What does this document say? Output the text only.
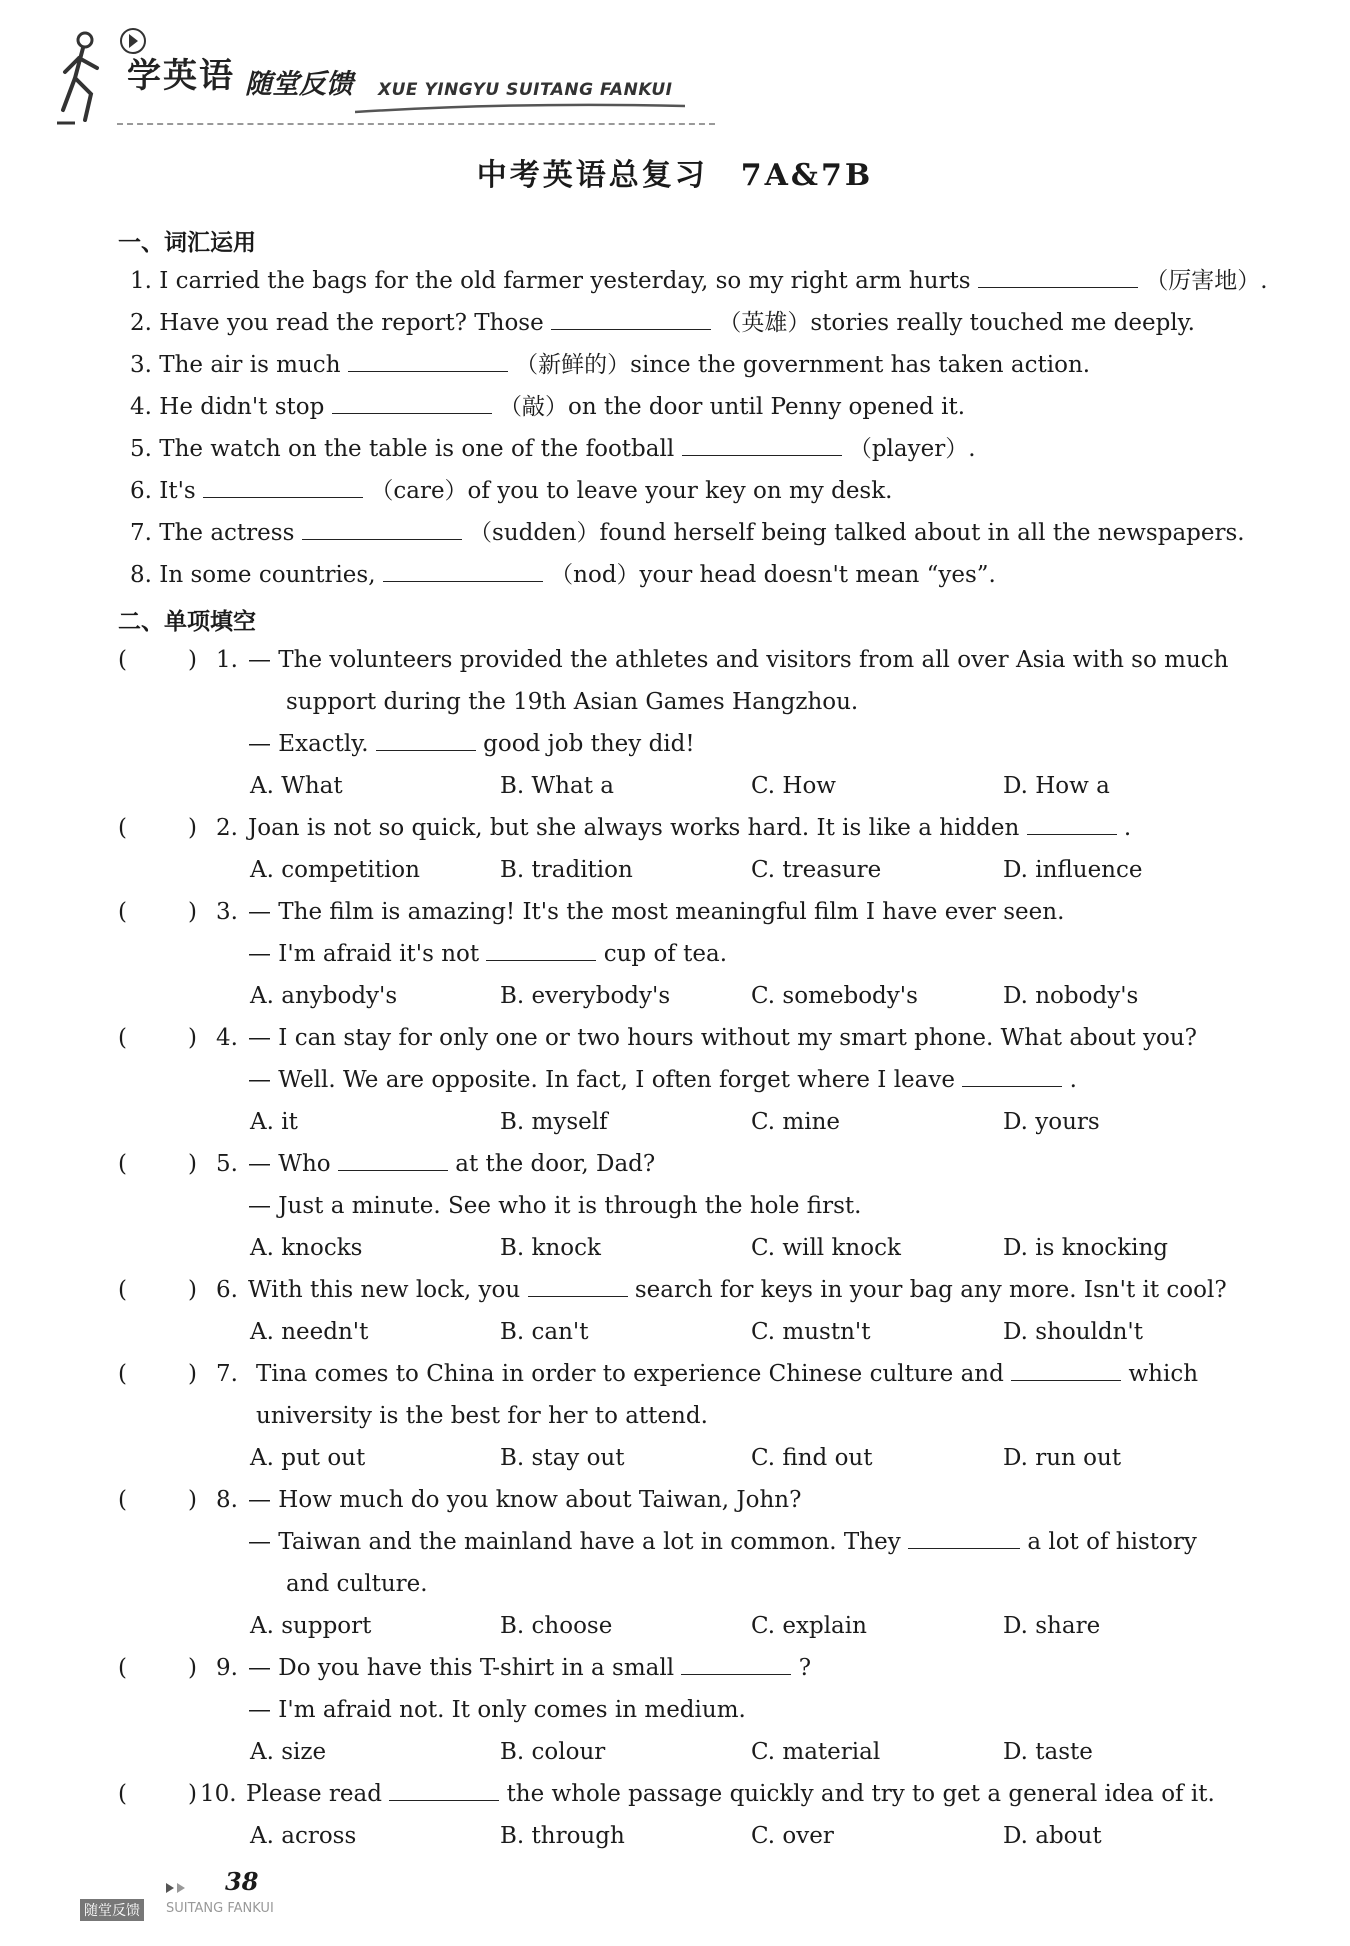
学英语 随堂反馈 XUE YINGYU SUITANG FANKUI
中考英语总复习　7A&7B
一、词汇运用
1. I carried the bags for the old farmer yesterday, so my right arm hurts	（厉害地）.
2. Have you read the report? Those	（英雄）stories really touched me deeply.
3. The air is much	（新鲜的）since the government has taken action.
4. He didn't stop	（敲）on the door until Penny opened it.
5. The watch on the table is one of the football	（player）.
6. It's	（care）of you to leave your key on my desk.
7. The actress	（sudden）found herself being talked about in all the newspapers.
8. In some countries,	（nod）your head doesn't mean “yes”.
二、单项填空
(	) 1. — The volunteers provided the athletes and visitors from all over Asia with so much
support during the 19th Asian Games Hangzhou.
— Exactly.	good job they did!
A. What	B. What a	C. How	D. How a
(	) 2. Joan is not so quick, but she always works hard. It is like a hidden	.
A. competition	B. tradition	C. treasure	D. influence
(	) 3. — The film is amazing! It's the most meaningful film I have ever seen.
— I'm afraid it's not	cup of tea.
A. anybody's	B. everybody's	C. somebody's	D. nobody's
(	) 4. — I can stay for only one or two hours without my smart phone. What about you?
— Well. We are opposite. In fact, I often forget where I leave	.
A. it	B. myself	C. mine	D. yours
(	) 5. — Who	at the door, Dad?
— Just a minute. See who it is through the hole first.
A. knocks	B. knock	C. will knock	D. is knocking
(	) 6. With this new lock, you	search for keys in your bag any more. Isn't it cool?
A. needn't	B. can't	C. mustn't	D. shouldn't
(	) 7. Tina comes to China in order to experience Chinese culture and	which
university is the best for her to attend.
A. put out	B. stay out	C. find out	D. run out
(	) 8. — How much do you know about Taiwan, John?
— Taiwan and the mainland have a lot in common. They	a lot of history
and culture.
A. support	B. choose	C. explain	D. share
(	) 9. — Do you have this T-shirt in a small	?
— I'm afraid not. It only comes in medium.
A. size	B. colour	C. material	D. taste
(	) 10. Please read	the whole passage quickly and try to get a general idea of it.
A. across	B. through	C. over	D. about
38
随堂反馈	SUITANG FANKUI
